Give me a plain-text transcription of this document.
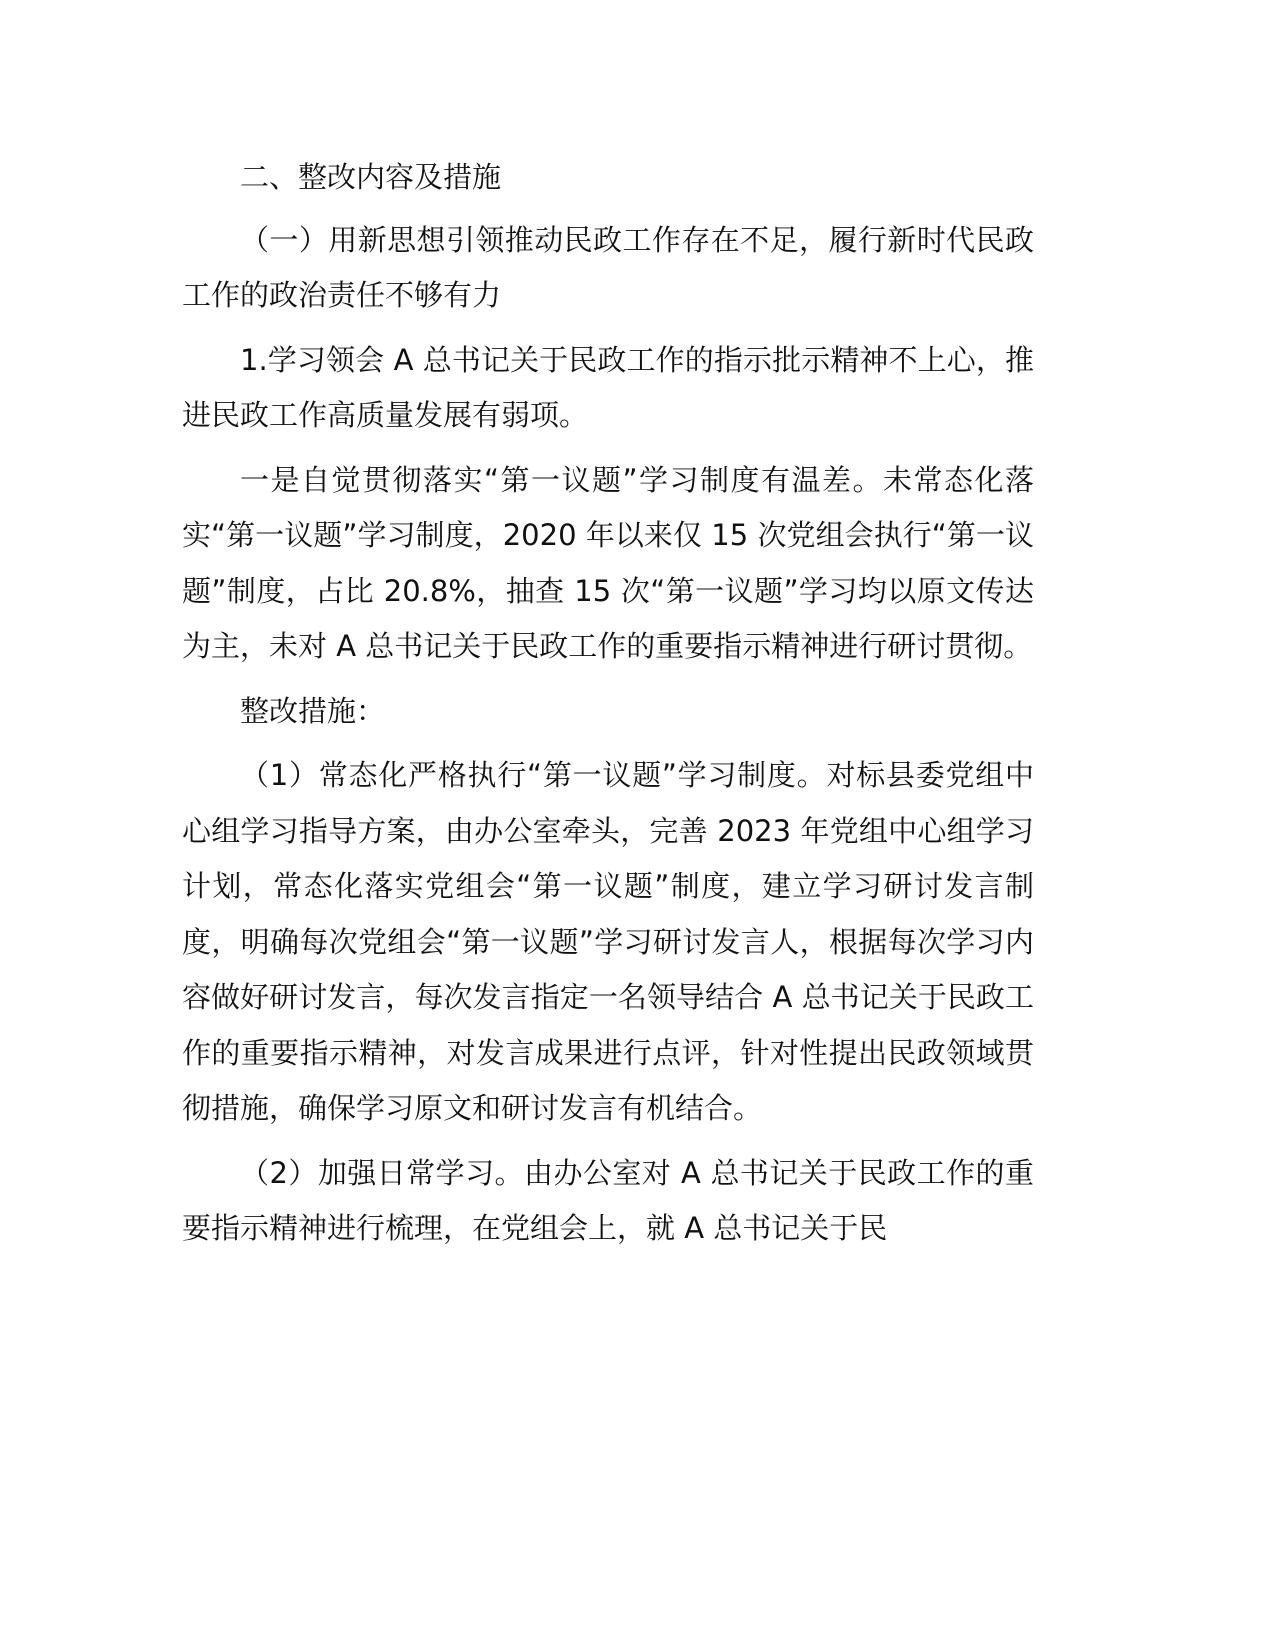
二、整改内容及措施

（一）用新思想引领推动民政工作存在不足，履行新时代民政工作的政治责任不够有力

1.学习领会 A 总书记关于民政工作的指示批示精神不上心，推进民政工作高质量发展有弱项。

一是自觉贯彻落实“第一议题”学习制度有温差。未常态化落实“第一议题”学习制度，2020 年以来仅 15 次党组会执行“第一议题”制度，占比 20.8%，抽查 15 次“第一议题”学习均以原文传达为主，未对 A 总书记关于民政工作的重要指示精神进行研讨贯彻。

整改措施：

（1）常态化严格执行“第一议题”学习制度。对标县委党组中心组学习指导方案，由办公室牵头，完善 2023 年党组中心组学习计划，常态化落实党组会“第一议题”制度，建立学习研讨发言制度，明确每次党组会“第一议题”学习研讨发言人，根据每次学习内容做好研讨发言，每次发言指定一名领导结合 A 总书记关于民政工作的重要指示精神，对发言成果进行点评，针对性提出民政领域贯彻措施，确保学习原文和研讨发言有机结合。

（2）加强日常学习。由办公室对 A 总书记关于民政工作的重要指示精神进行梳理，在党组会上，就 A 总书记关于民
